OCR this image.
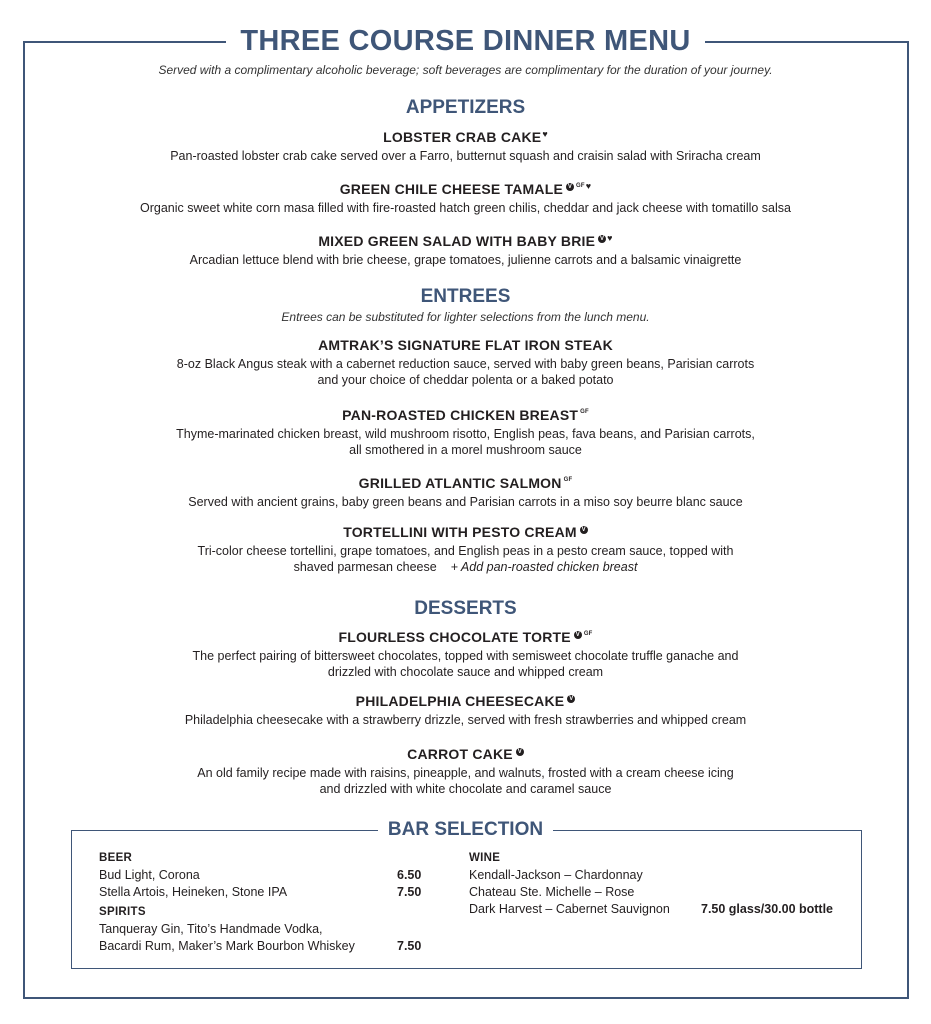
THREE COURSE DINNER MENU
Served with a complimentary alcoholic beverage; soft beverages are complimentary for the duration of your journey.
APPETIZERS
LOBSTER CRAB CAKE♥
Pan-roasted lobster crab cake served over a Farro, butternut squash and craisin salad with Sriracha cream
GREEN CHILE CHEESE TAMALE V $^{GF♥}$
Organic sweet white corn masa filled with fire-roasted hatch green chilis, cheddar and jack cheese with tomatillo salsa
MIXED GREEN SALAD WITH BABY BRIE V ♥
Arcadian lettuce blend with brie cheese, grape tomatoes, julienne carrots and a balsamic vinaigrette
ENTREES
Entrees can be substituted for lighter selections from the lunch menu.
AMTRAK’S SIGNATURE FLAT IRON STEAK
8-oz Black Angus steak with a cabernet reduction sauce, served with baby green beans, Parisian carrots
and your choice of cheddar polenta or a baked potato
PAN-ROASTED CHICKEN BREAST $^{GF}$
Thyme-marinated chicken breast, wild mushroom risotto, English peas, fava beans, and Parisian carrots,
all smothered in a morel mushroom sauce
GRILLED ATLANTIC SALMON $^{GF}$
Served with ancient grains, baby green beans and Parisian carrots in a miso soy beurre blanc sauce
TORTELLINI WITH PESTO CREAM V
Tri-color cheese tortellini, grape tomatoes, and English peas in a pesto cream sauce, topped with
shaved parmesan cheese + Add pan-roasted chicken breast
DESSERTS
FLOURLESS CHOCOLATE TORTE V $^{GF}$
The perfect pairing of bittersweet chocolates, topped with semisweet chocolate truffle ganache and
drizzled with chocolate sauce and whipped cream
PHILADELPHIA CHEESECAKE V
Philadelphia cheesecake with a strawberry drizzle, served with fresh strawberries and whipped cream
CARROT CAKE V
An old family recipe made with raisins, pineapple, and walnuts, frosted with a cream cheese icing
and drizzled with white chocolate and caramel sauce
BAR SELECTION
BEER
Bud Light, Corona	6.50
Stella Artois, Heineken, Stone IPA	7.50
SPIRITS
Tanqueray Gin, Tito’s Handmade Vodka,
Bacardi Rum, Maker’s Mark Bourbon Whiskey	7.50
WINE
Kendall-Jackson – Chardonnay
Chateau Ste. Michelle – Rose
Dark Harvest – Cabernet Sauvignon 7.50 glass/30.00 bottle
